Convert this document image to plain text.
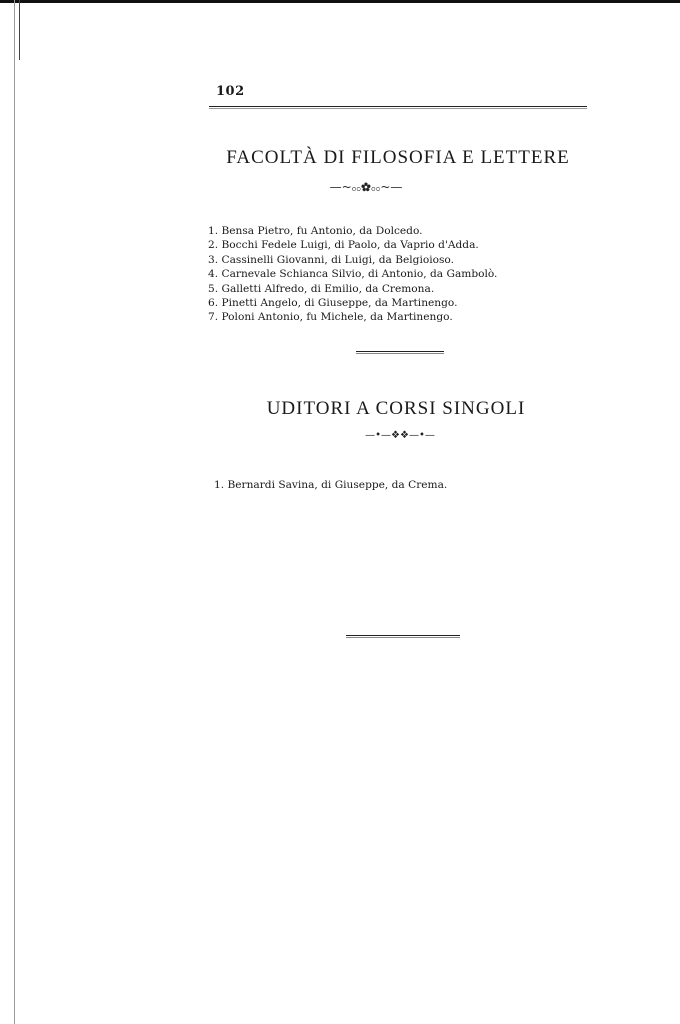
102
FACOLTÀ DI FILOSOFIA E LETTERE
—~ೲ✿ೲ~—
1. Bensa Pietro, fu Antonio, da Dolcedo.
2. Bocchi Fedele Luigi, di Paolo, da Vaprio d'Adda.
3. Cassinelli Giovanni, di Luigi, da Belgioioso.
4. Carnevale Schianca Silvio, di Antonio, da Gambolò.
5. Galletti Alfredo, di Emilio, da Cremona.
6. Pinetti Angelo, di Giuseppe, da Martinengo.
7. Poloni Antonio, fu Michele, da Martinengo.
UDITORI A CORSI SINGOLI
—•—❖❖—•—
1. Bernardi Savina, di Giuseppe, da Crema.
